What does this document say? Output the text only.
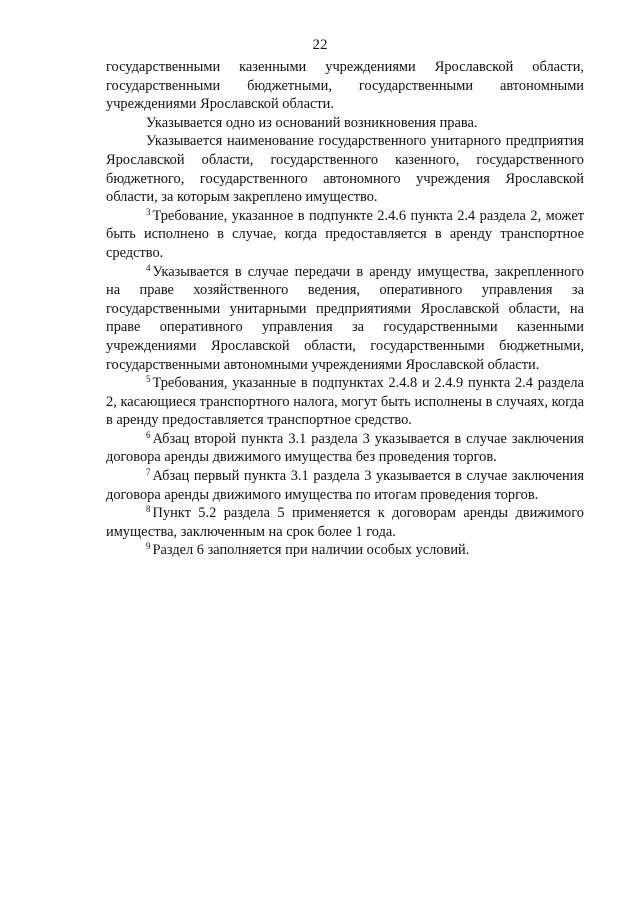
22

государственными казенными учреждениями Ярославской области, государственными бюджетными, государственными автономными учреждениями Ярославской области.

Указывается одно из оснований возникновения права.

Указывается наименование государственного унитарного предприятия Ярославской области, государственного казенного, государственного бюджетного, государственного автономного учреждения Ярославской области, за которым закреплено имущество.

$^3$ Требование, указанное в подпункте 2.4.6 пункта 2.4 раздела 2, может быть исполнено в случае, когда предоставляется в аренду транспортное средство.

$^4$ Указывается в случае передачи в аренду имущества, закрепленного на праве хозяйственного ведения, оперативного управления за государственными унитарными предприятиями Ярославской области, на праве оперативного управления за государственными казенными учреждениями Ярославской области, государственными бюджетными, государственными автономными учреждениями Ярославской области.

$^5$ Требования, указанные в подпунктах 2.4.8 и 2.4.9 пункта 2.4 раздела 2, касающиеся транспортного налога, могут быть исполнены в случаях, когда в аренду предоставляется транспортное средство.

$^6$ Абзац второй пункта 3.1 раздела 3 указывается в случае заключения договора аренды движимого имущества без проведения торгов.

$^7$ Абзац первый пункта 3.1 раздела 3 указывается в случае заключения договора аренды движимого имущества по итогам проведения торгов.

$^8$ Пункт 5.2 раздела 5 применяется к договорам аренды движимого имущества, заключенным на срок более 1 года.

$^9$ Раздел 6 заполняется при наличии особых условий.
